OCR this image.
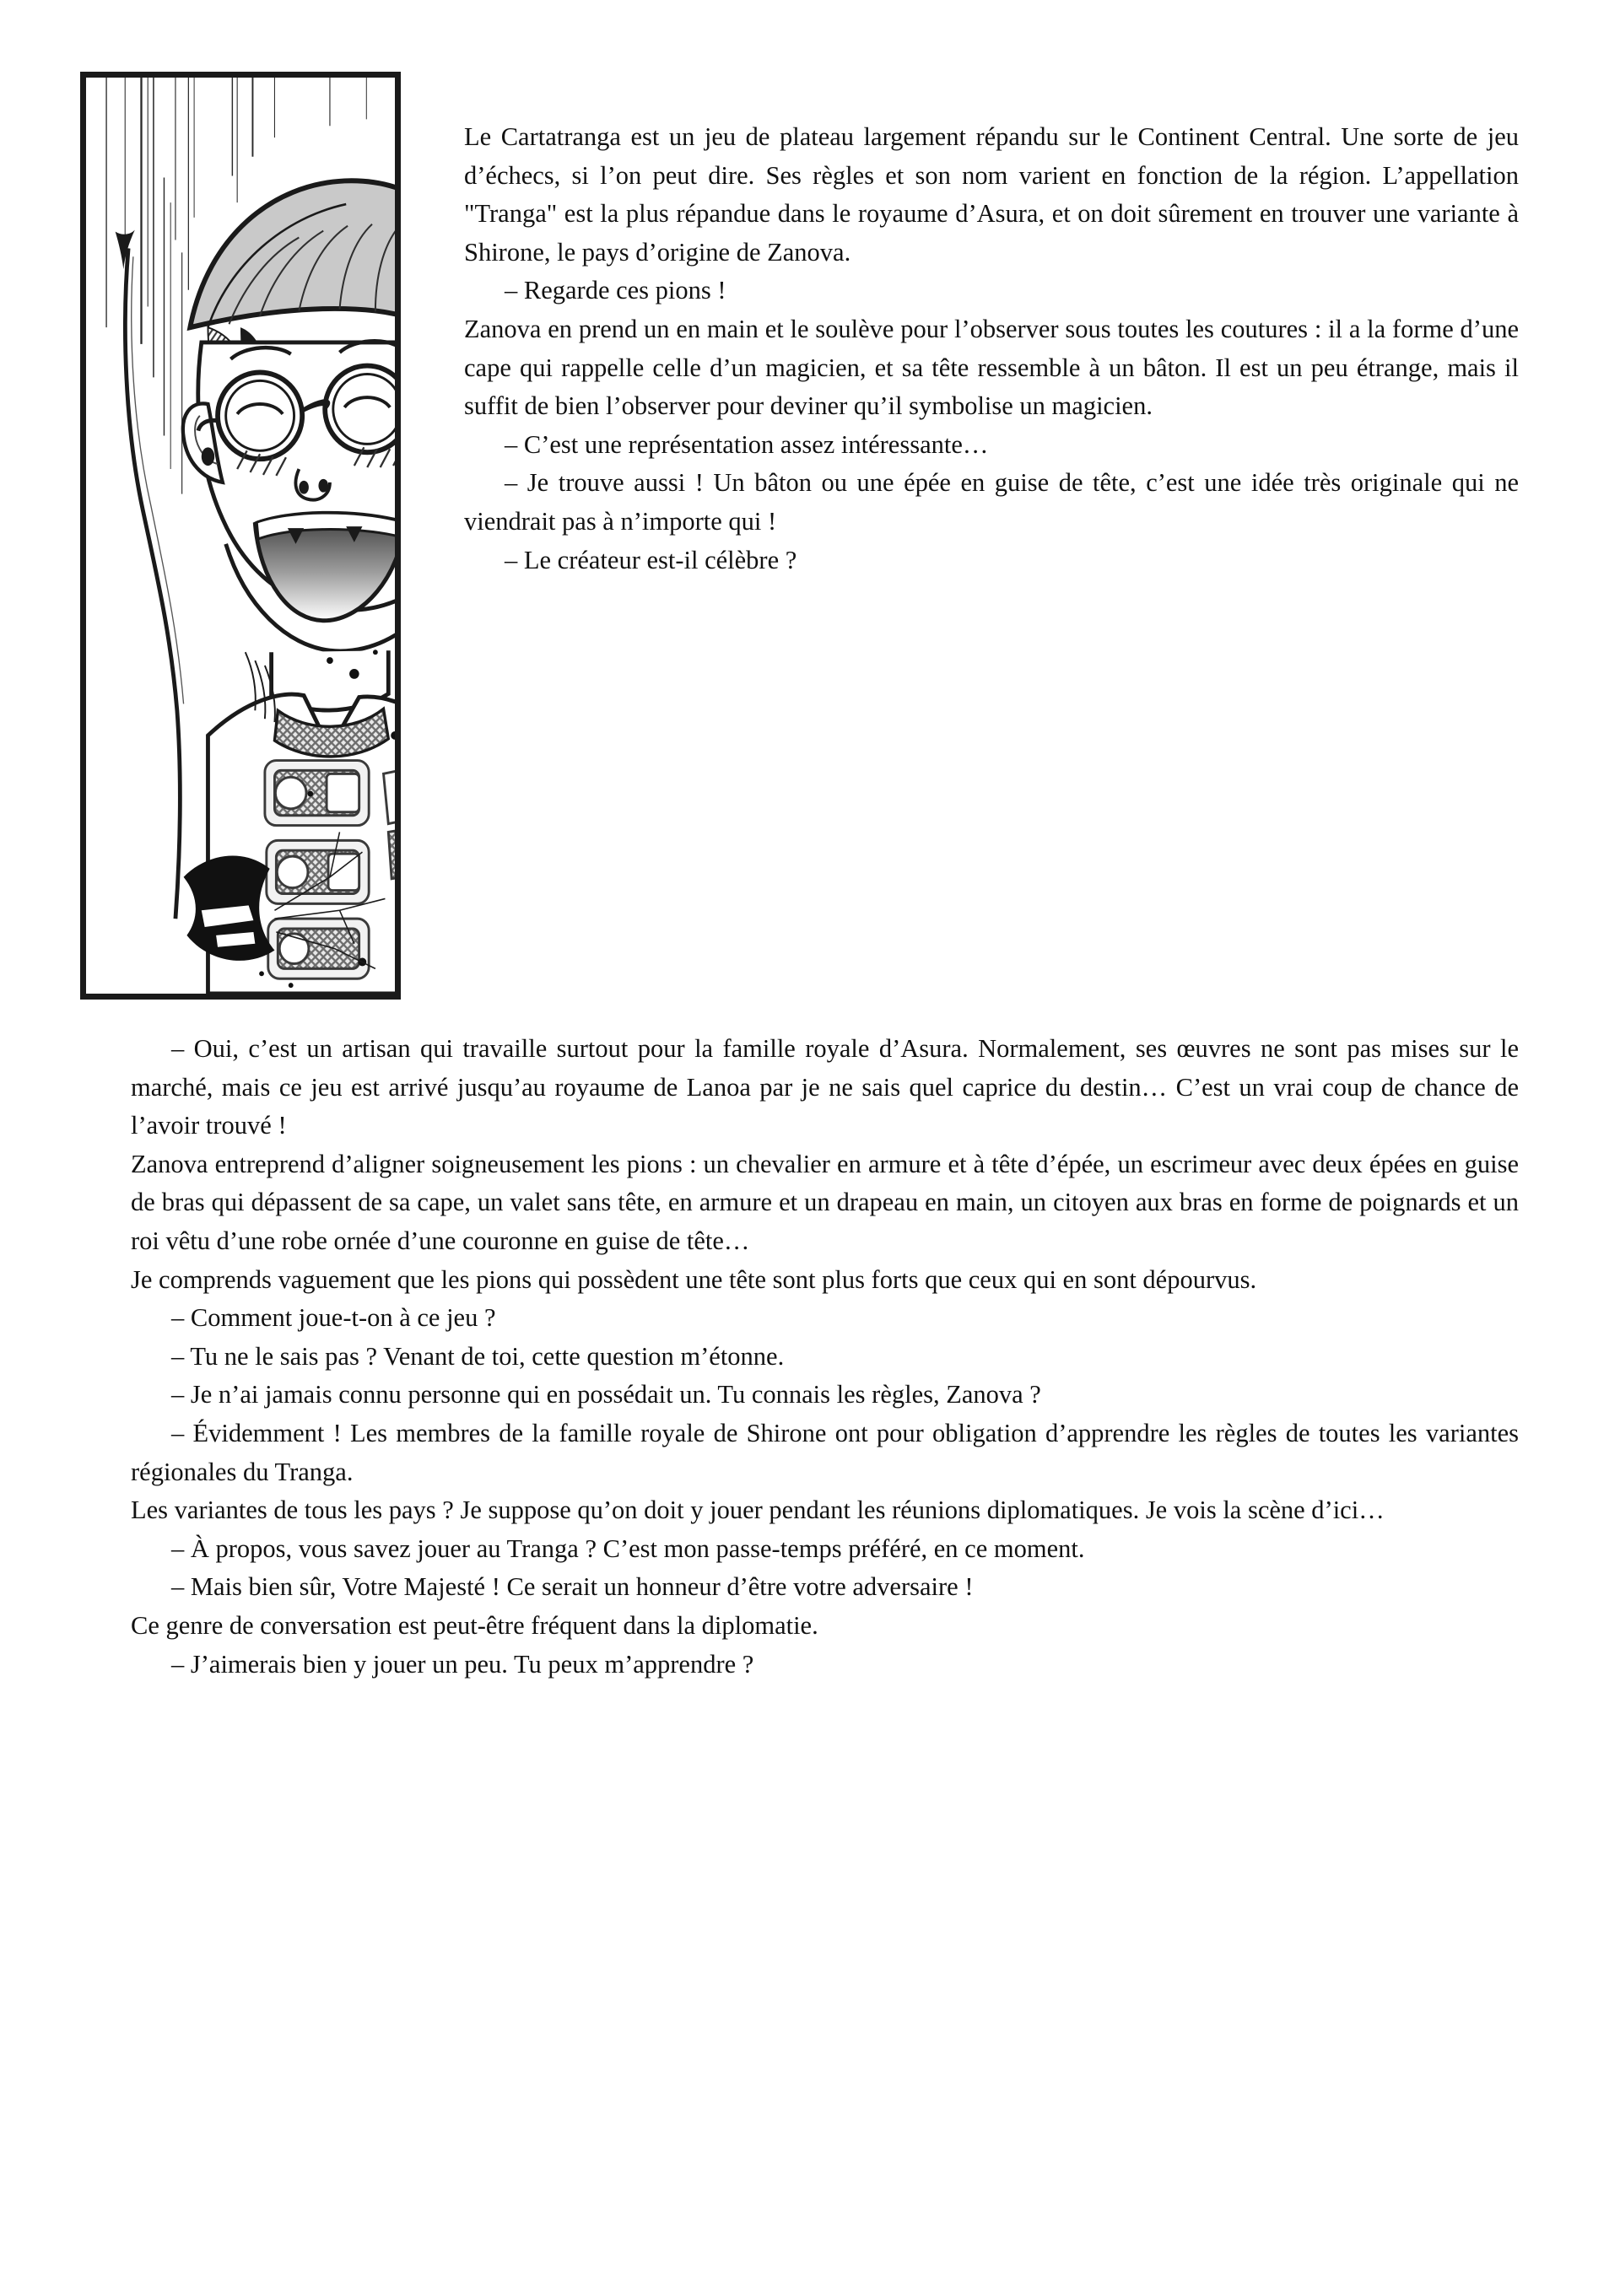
Le Cartatranga est un jeu de plateau largement répandu sur le Continent Central. Une sorte de jeu d’échecs, si l’on peut dire. Ses règles et son nom varient en fonction de la région. L’appellation "Tranga" est la plus répandue dans le royaume d’Asura, et on doit sûrement en trouver une variante à Shirone, le pays d’origine de Zanova.

– Regarde ces pions !

Zanova en prend un en main et le soulève pour l’observer sous toutes les coutures : il a la forme d’une cape qui rappelle celle d’un magicien, et sa tête ressemble à un bâton. Il est un peu étrange, mais il suffit de bien l’observer pour deviner qu’il symbolise un magicien.

– C’est une représentation assez intéressante…

– Je trouve aussi ! Un bâton ou une épée en guise de tête, c’est une idée très originale qui ne viendrait pas à n’importe qui !

– Le créateur est-il célèbre ?

– Oui, c’est un artisan qui travaille surtout pour la famille royale d’Asura. Normalement, ses œuvres ne sont pas mises sur le marché, mais ce jeu est arrivé jusqu’au royaume de Lanoa par je ne sais quel caprice du destin… C’est un vrai coup de chance de l’avoir trouvé !

Zanova entreprend d’aligner soigneusement les pions : un chevalier en armure et à tête d’épée, un escrimeur avec deux épées en guise de bras qui dépassent de sa cape, un valet sans tête, en armure et un drapeau en main, un citoyen aux bras en forme de poignards et un roi vêtu d’une robe ornée d’une couronne en guise de tête…

Je comprends vaguement que les pions qui possèdent une tête sont plus forts que ceux qui en sont dépourvus.

– Comment joue-t-on à ce jeu ?

– Tu ne le sais pas ? Venant de toi, cette question m’étonne.

– Je n’ai jamais connu personne qui en possédait un. Tu connais les règles, Zanova ?

– Évidemment ! Les membres de la famille royale de Shirone ont pour obligation d’apprendre les règles de toutes les variantes régionales du Tranga.

Les variantes de tous les pays ? Je suppose qu’on doit y jouer pendant les réunions diplomatiques. Je vois la scène d’ici…

– À propos, vous savez jouer au Tranga ? C’est mon passe-temps préféré, en ce moment.

– Mais bien sûr, Votre Majesté ! Ce serait un honneur d’être votre adversaire !

Ce genre de conversation est peut-être fréquent dans la diplomatie.

– J’aimerais bien y jouer un peu. Tu peux m’apprendre ?
